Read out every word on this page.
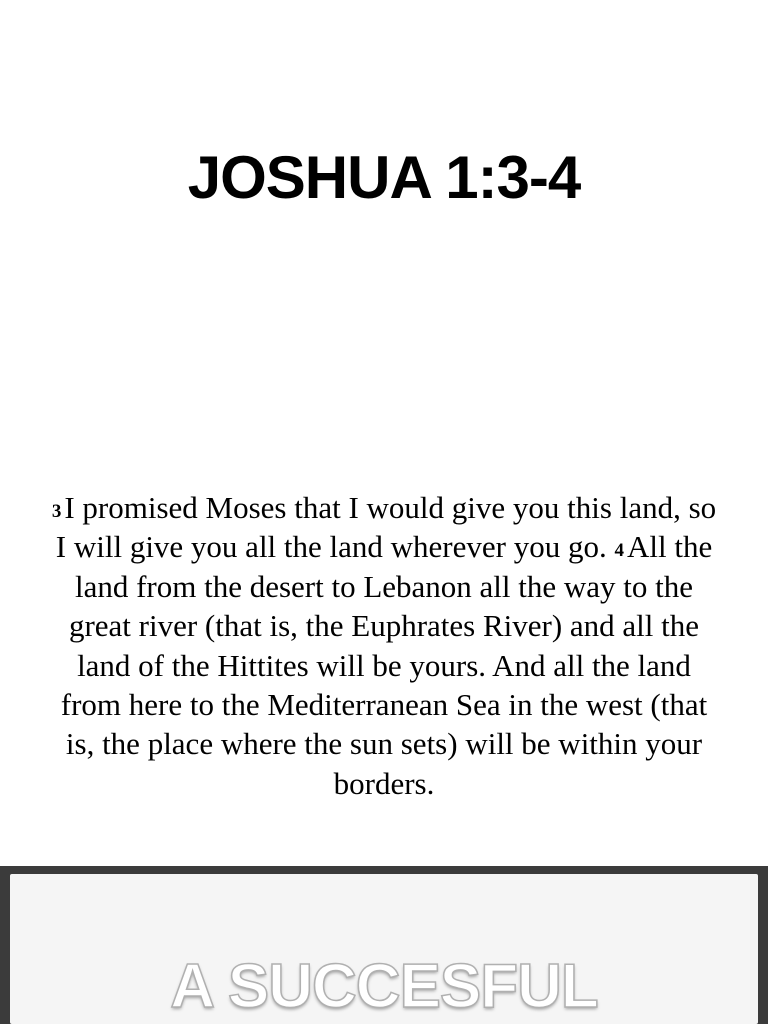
JOSHUA 1:3-4
$^3$I promised Moses that I would give you this land, so I will give you all the land wherever you go. $^4$All the land from the desert to Lebanon all the way to the great river (that is, the Euphrates River) and all the land of the Hittites will be yours. And all the land from here to the Mediterranean Sea in the west (that is, the place where the sun sets) will be within your borders.
A SUCCESFUL
